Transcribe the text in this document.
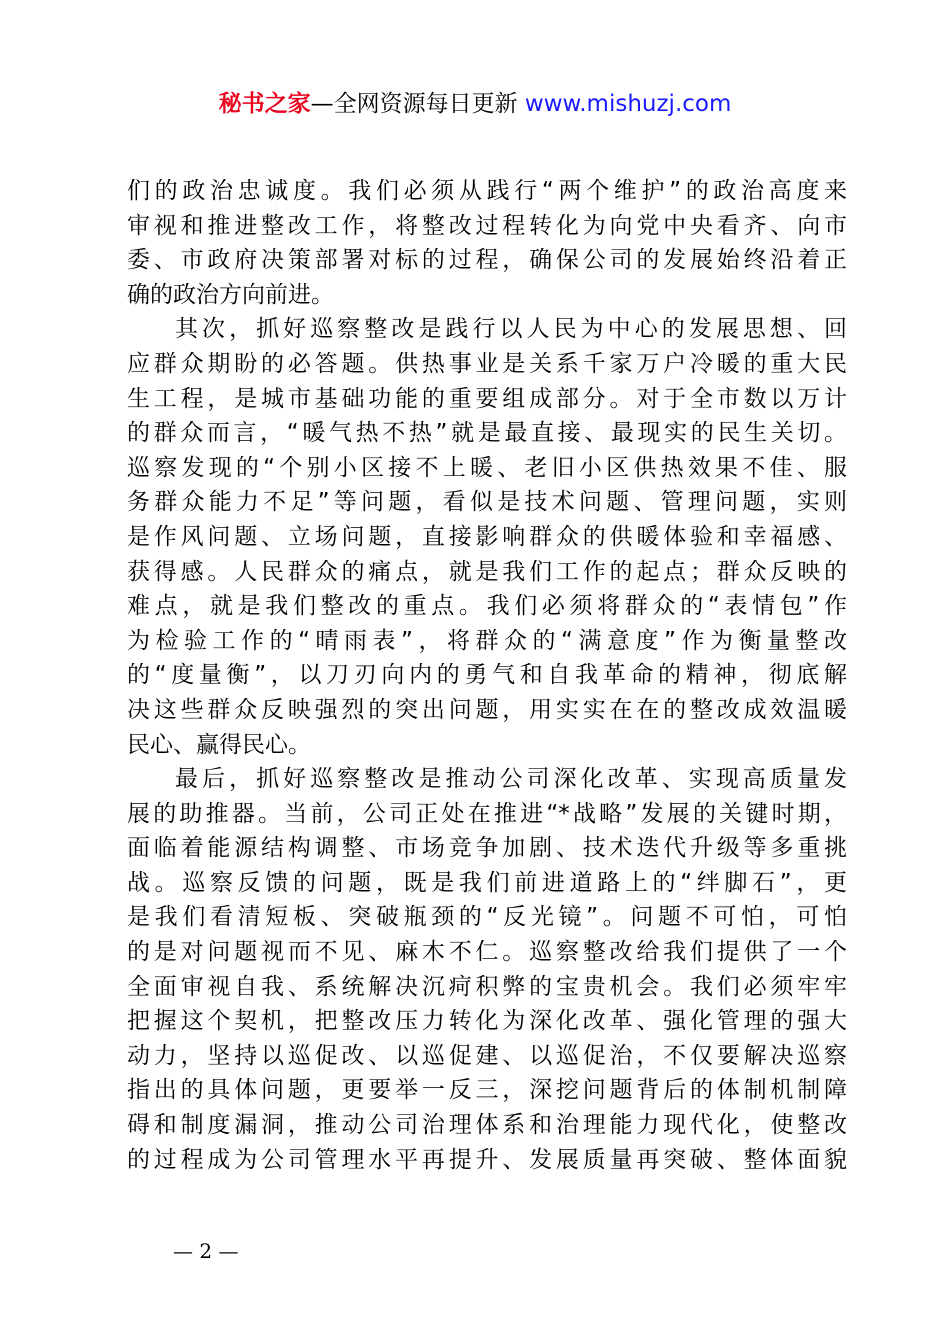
秘书之家—全网资源每日更新 www.mishuzj.com
们的政治忠诚度。我们必须从践行“两个维护”的政治高度来
审视和推进整改工作，将整改过程转化为向党中央看齐、向市
委、市政府决策部署对标的过程，确保公司的发展始终沿着正
确的政治方向前进。
其次，抓好巡察整改是践行以人民为中心的发展思想、回
应群众期盼的必答题。供热事业是关系千家万户冷暖的重大民
生工程，是城市基础功能的重要组成部分。对于全市数以万计
的群众而言，“暖气热不热”就是最直接、最现实的民生关切。
巡察发现的“个别小区接不上暖、老旧小区供热效果不佳、服
务群众能力不足”等问题，看似是技术问题、管理问题，实则
是作风问题、立场问题，直接影响群众的供暖体验和幸福感、
获得感。人民群众的痛点，就是我们工作的起点；群众反映的
难点，就是我们整改的重点。我们必须将群众的“表情包”作
为检验工作的“晴雨表”，将群众的“满意度”作为衡量整改
的“度量衡”，以刀刃向内的勇气和自我革命的精神，彻底解
决这些群众反映强烈的突出问题，用实实在在的整改成效温暖
民心、赢得民心。
最后，抓好巡察整改是推动公司深化改革、实现高质量发
展的助推器。当前，公司正处在推进“*战略”发展的关键时期，
面临着能源结构调整、市场竞争加剧、技术迭代升级等多重挑
战。巡察反馈的问题，既是我们前进道路上的“绊脚石”，更
是我们看清短板、突破瓶颈的“反光镜”。问题不可怕，可怕
的是对问题视而不见、麻木不仁。巡察整改给我们提供了一个
全面审视自我、系统解决沉疴积弊的宝贵机会。我们必须牢牢
把握这个契机，把整改压力转化为深化改革、强化管理的强大
动力，坚持以巡促改、以巡促建、以巡促治，不仅要解决巡察
指出的具体问题，更要举一反三，深挖问题背后的体制机制障
碍和制度漏洞，推动公司治理体系和治理能力现代化，使整改
的过程成为公司管理水平再提升、发展质量再突破、整体面貌
— 2 —
